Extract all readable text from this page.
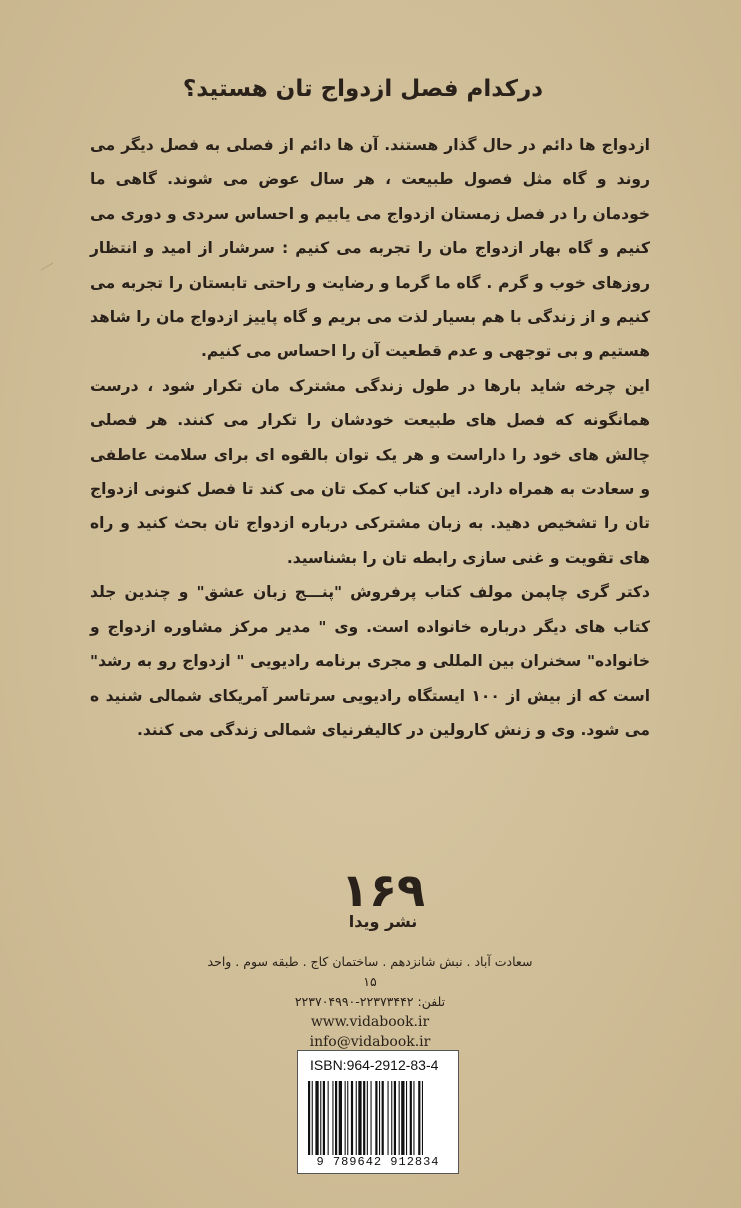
درکدام فصل ازدواج تان هستید؟

ازدواج ها دائم در حال گذار هستند. آن ها دائم از فصلی به فصل دیگر می روند و گاه مثل فصول طبیعت ، هر سال عوض می شوند. گاهی ما خودمان را در فصل زمستان ازدواج می یابیم و احساس سردی و دوری می کنیم و گاه بهار ازدواج مان را تجربه می کنیم : سرشار از امید و انتظار روزهای خوب و گرم . گاه ما گرما و رضایت و راحتی تابستان را تجربه می کنیم و از زندگی با هم بسیار لذت می بریم و گاه پاییز ازدواج مان را شاهد هستیم و بی توجهی و عدم قطعیت آن را احساس می کنیم.

این چرخه شاید بارها در طول زندگی مشترک مان تکرار شود ، درست همانگونه که فصل های طبیعت خودشان را تکرار می کنند. هر فصلی چالش های خود را داراست و هر یک توان بالقوه ای برای سلامت عاطفی و سعادت به همراه دارد. این کتاب کمک تان می کند تا فصل کنونی ازدواج تان را تشخیص دهید. به زبان مشترکی درباره ازدواج تان بحث کنید و راه های تقویت و غنی سازی رابطه تان را بشناسید.

دکتر گری چاپمن مولف کتاب پرفروش "پنـــج زبان عشق" و چندین جلد کتاب های دیگر درباره خانواده است. وی " مدیر مرکز مشاوره ازدواج و خانواده" سخنران بین المللی و مجری برنامه رادیویی " ازدواج رو به رشد" است که از بیش از ۱۰۰ ایستگاه رادیویی سرتاسر آمریکای شمالی شنید ه می شود. وی و زنش کارولین در کالیفرنیای شمالی زندگی می کنند.

۱۶۹
نشر ویدا
سعادت آباد . نبش شانزدهم . ساختمان کاج . طبقه سوم . واحد ۱۵
تلفن: ۲۲۳۷۳۴۴۲-۲۲۳۷۰۴۹۹۰
www.vidabook.ir
info@vidabook.ir
ISBN:964-2912-83-4
9 789642 912834
